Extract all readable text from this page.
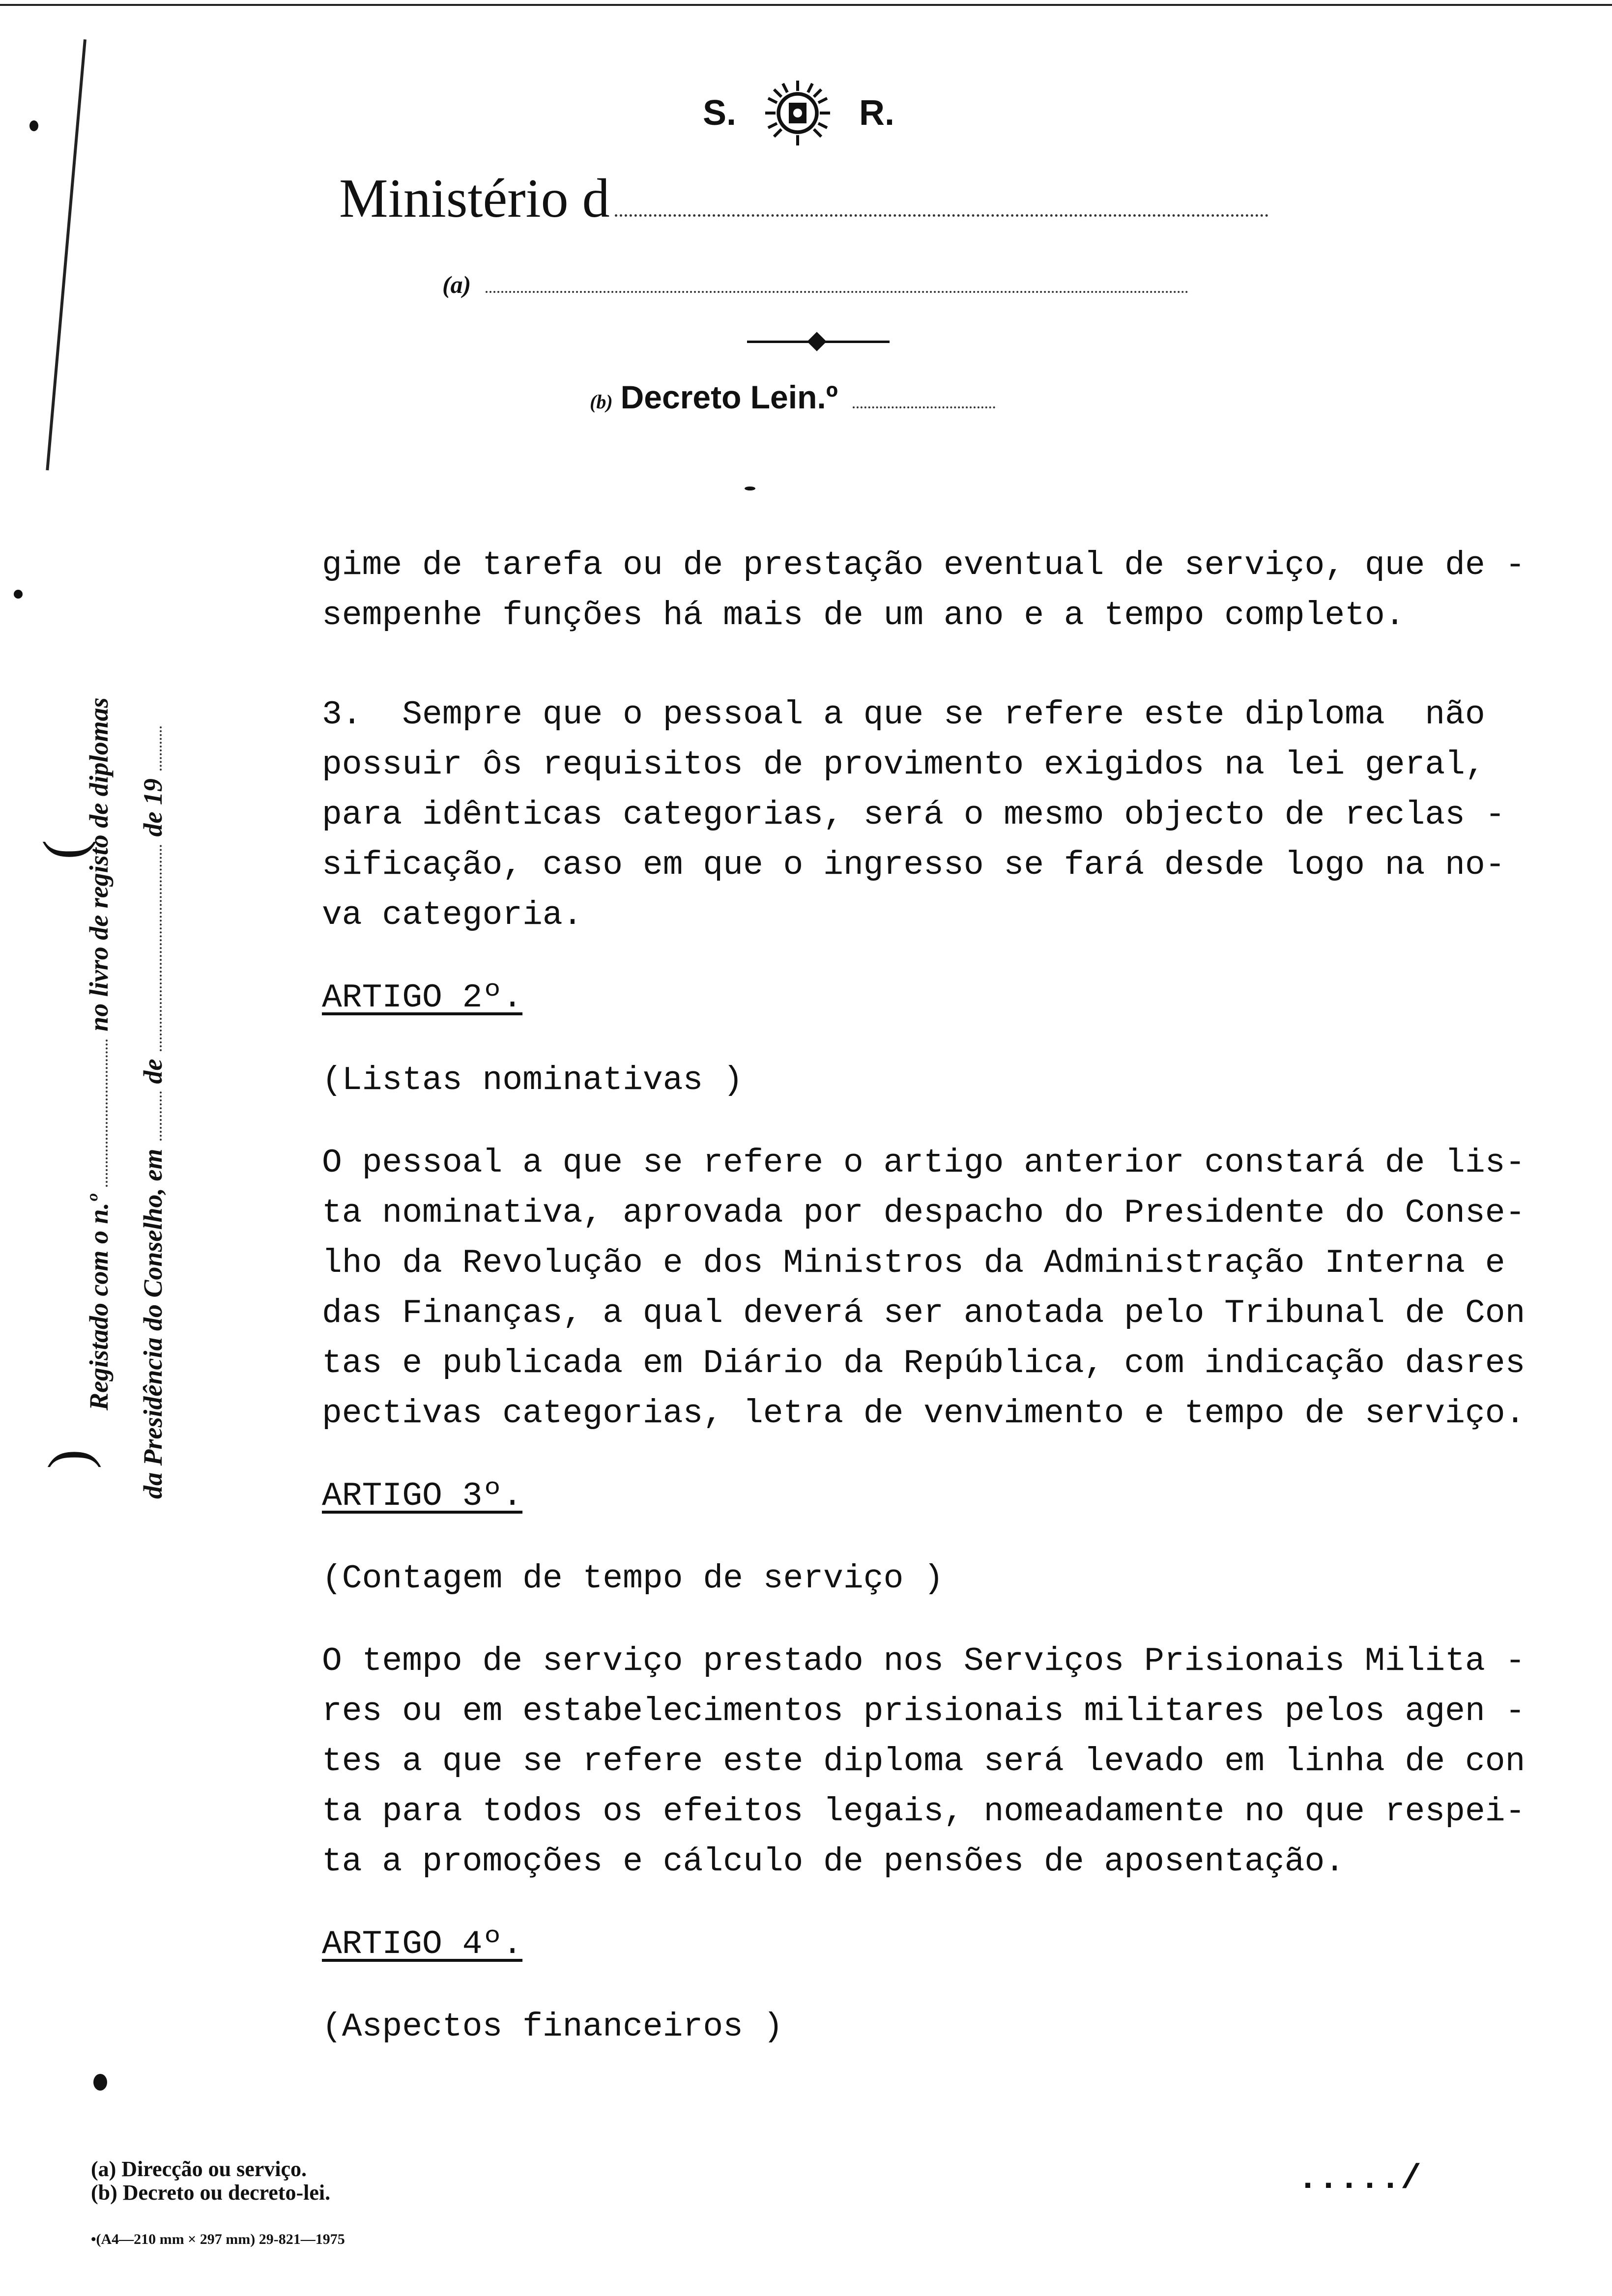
S.	R.
Ministério d
(a)
(b) Decreto Lein.º
Registado com o n.ºno livro de registo de diplomas
da Presidência do Conselho, emdede 19
(
)

gime de tarefa ou de prestação eventual de serviço, que de -

sempenhe funções há mais de um ano e a tempo completo.

3.  Sempre que o pessoal a que se refere este diploma  não

possuir ôs requisitos de provimento exigidos na lei geral,

para idênticas categorias, será o mesmo objecto de reclas -

sificação, caso em que o ingresso se fará desde logo na no-

va categoria.

ARTIGO 2º.

(Listas nominativas )

O pessoal a que se refere o artigo anterior constará de lis-

ta nominativa, aprovada por despacho do Presidente do Conse-

lho da Revolução e dos Ministros da Administração Interna e

das Finanças, a qual deverá ser anotada pelo Tribunal de Con

tas e publicada em Diário da República, com indicação dasres

pectivas categorias, letra de venvimento e tempo de serviço.

ARTIGO 3º.

(Contagem de tempo de serviço )

O tempo de serviço prestado nos Serviços Prisionais Milita -

res ou em estabelecimentos prisionais militares pelos agen -

tes a que se refere este diploma será levado em linha de con

ta para todos os efeitos legais, nomeadamente no que respei-

ta a promoções e cálculo de pensões de aposentação.

ARTIGO 4º.

(Aspectos financeiros )

(a) Direcção ou serviço.
(b) Decreto ou decreto-lei.
•(A4—210 mm × 297 mm) 29-821—1975
...../
